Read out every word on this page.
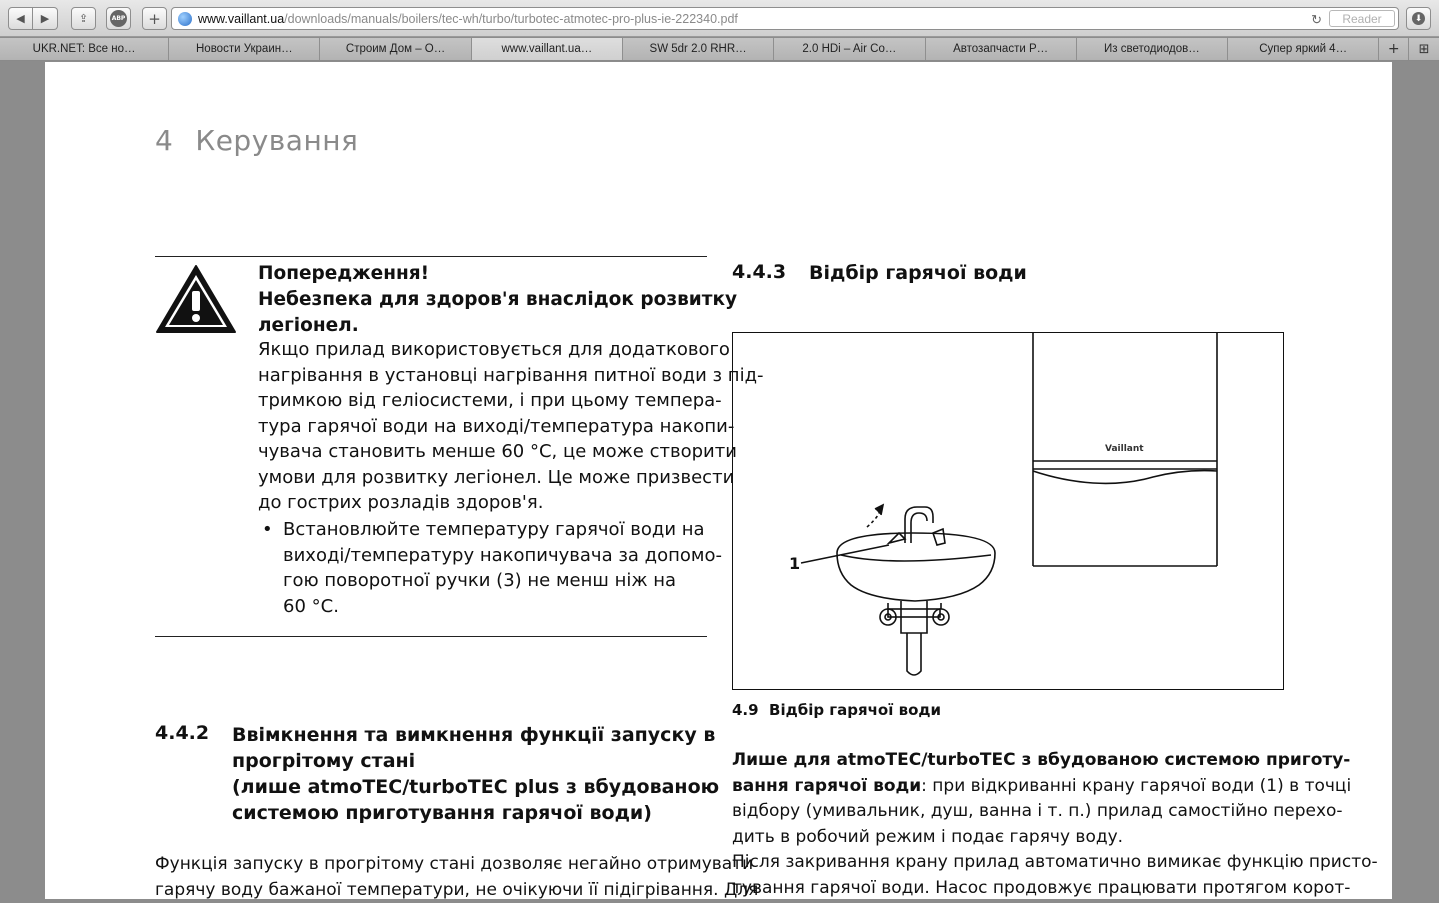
◀ ▶	⇪	ABP +	www.vaillant.ua /downloads/manuals/boilers/tec-wh/turbo/turbotec-atmotec-pro-plus-ie-222340.pdf	↻	Reader	⬇
UKR.NET: Все но…	Новости Украин…	Строим Дом – О…	www.vaillant.ua…	SW 5dr 2.0 RHR…	2.0 HDi – Air Co…	Автозапчасти Р…	Из светодиодов…	Супер яркий 4…	+ ⊞
4 Керування
Попередження!
Небезпека для здоров'я внаслідок розвитку
легіонел.
Якщо прилад використовується для додаткового
нагрівання в установці нагрівання питної води з під-
тримкою від геліосистеми, і при цьому темпера-
тура гарячої води на виході/температура накопи-
чувача становить менше 60 °C, це може створити
умови для розвитку легіонел. Це може призвести
до гострих розладів здоров'я.
• Встановлюйте температуру гарячої води на
виході/температуру накопичувача за допомо-
гою поворотної ручки (3) не менш ніж на
60 °C.
4.4.2 Ввімкнення та вимкнення функції запуску в
прогрітому стані
(лише atmoTEC/turboTEC plus з вбудованою
системою приготування гарячої води)
Функція запуску в прогрітому стані дозволяє негайно отримувати
гарячу воду бажаної температури, не очікуючи її підігрівання. Для
4.4.3 Відбір гарячої води
Vaillant
1
4.9 Відбір гарячої води
Лише для atmoTEC/turboTEC з вбудованою системою приготу-
вання гарячої води: при відкриванні крану гарячої води (1) в точці
відбору (умивальник, душ, ванна і т. п.) прилад самостійно перехо-
дить в робочий режим і подає гарячу воду.
Після закривання крану прилад автоматично вимикає функцію присто-
тування гарячої води. Насос продовжує працювати протягом корот-
